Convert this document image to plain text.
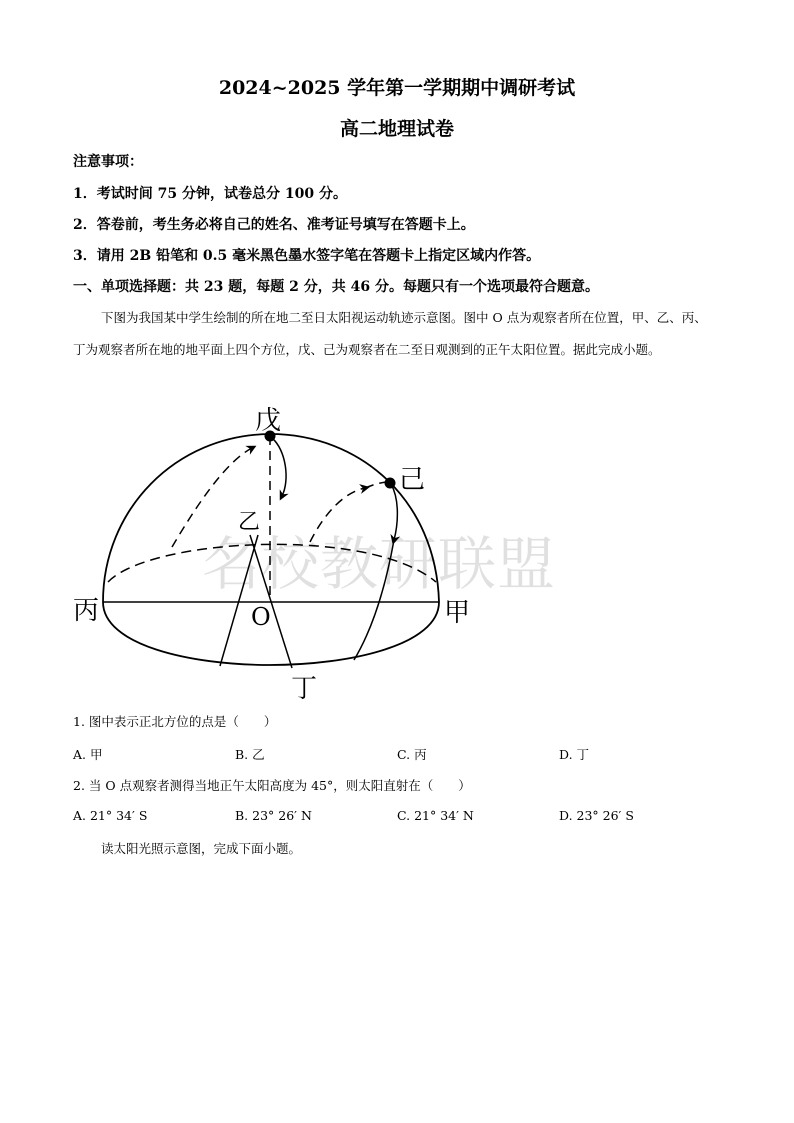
2024~2025 学年第一学期期中调研考试
高二地理试卷
注意事项：
1．考试时间 75 分钟，试卷总分 100 分。
2．答卷前，考生务必将自己的姓名、准考证号填写在答题卡上。
3．请用 2B 铅笔和 0.5 毫米黑色墨水签字笔在答题卡上指定区域内作答。
一、单项选择题：共 23 题，每题 2 分，共 46 分。每题只有一个选项最符合题意。
下图为我国某中学生绘制的所在地二至日太阳视运动轨迹示意图。图中 O 点为观察者所在位置，甲、乙、丙、丁为观察者所在地的地平面上四个方位，戊、己为观察者在二至日观测到的正午太阳位置。据此完成小题。
名校教研联盟
戊
己
乙
丙	甲
O
丁
1. 图中表示正北方位的点是（　　）
A. 甲	B. 乙	C. 丙	D. 丁
2. 当 O 点观察者测得当地正午太阳高度为 45°，则太阳直射在（　　）
A. 21° 34′ S	B. 23° 26′ N	C. 21° 34′ N	D. 23° 26′ S
读太阳光照示意图，完成下面小题。
